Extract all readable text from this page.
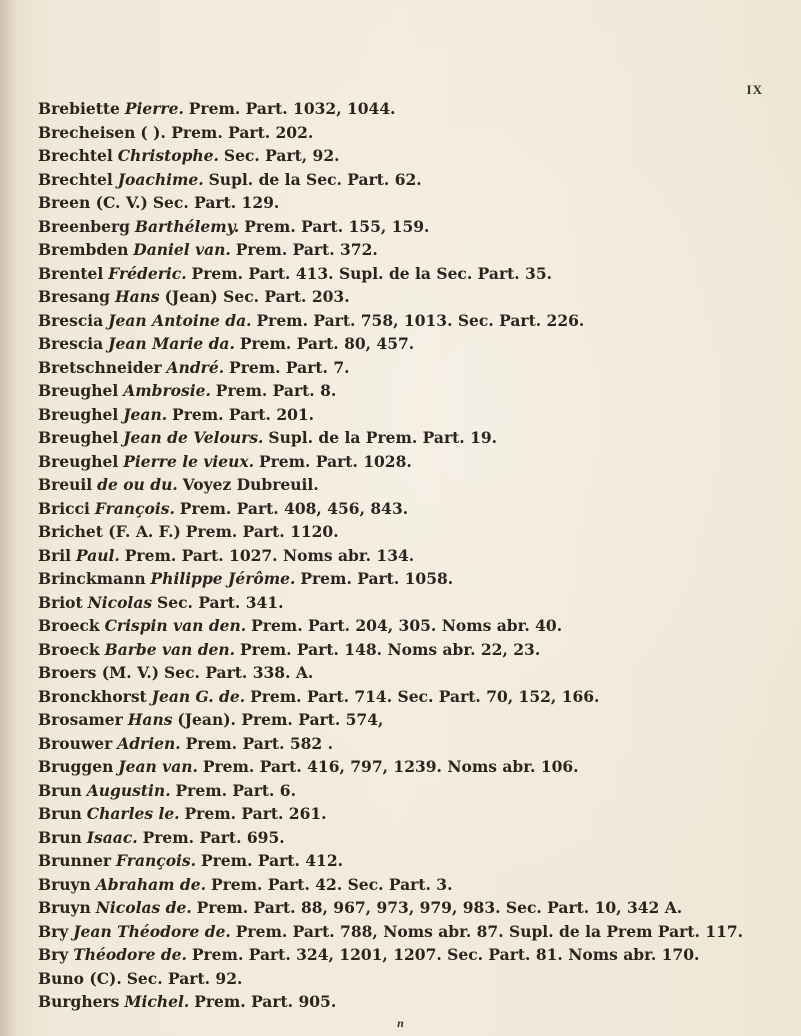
IX
Brebiette Pierre. Prem. Part. 1032, 1044.
Brecheisen ( ). Prem. Part. 202.
Brechtel Christophe. Sec. Part, 92.
Brechtel Joachime. Supl. de la Sec. Part. 62.
Breen (C. V.) Sec. Part. 129.
Breenberg Barthélemy. Prem. Part. 155, 159.
Brembden Daniel van. Prem. Part. 372.
Brentel Fréderic. Prem. Part. 413. Supl. de la Sec. Part. 35.
Bresang Hans (Jean) Sec. Part. 203.
Brescia Jean Antoine da. Prem. Part. 758, 1013. Sec. Part. 226.
Brescia Jean Marie da. Prem. Part. 80, 457.
Bretschneider André. Prem. Part. 7.
Breughel Ambrosie. Prem. Part. 8.
Breughel Jean. Prem. Part. 201.
Breughel Jean de Velours. Supl. de la Prem. Part. 19.
Breughel Pierre le vieux. Prem. Part. 1028.
Breuil de ou du. Voyez Dubreuil.
Bricci François. Prem. Part. 408, 456, 843.
Brichet (F. A. F.) Prem. Part. 1120.
Bril Paul. Prem. Part. 1027. Noms abr. 134.
Brinckmann Philippe Jérôme. Prem. Part. 1058.
Briot Nicolas Sec. Part. 341.
Broeck Crispin van den. Prem. Part. 204, 305. Noms abr. 40.
Broeck Barbe van den. Prem. Part. 148. Noms abr. 22, 23.
Broers (M. V.) Sec. Part. 338. A.
Bronckhorst Jean G. de. Prem. Part. 714. Sec. Part. 70, 152, 166.
Brosamer Hans (Jean). Prem. Part. 574,
Brouwer Adrien. Prem. Part. 582 .
Bruggen Jean van. Prem. Part. 416, 797, 1239. Noms abr. 106.
Brun Augustin. Prem. Part. 6.
Brun Charles le. Prem. Part. 261.
Brun Isaac. Prem. Part. 695.
Brunner François. Prem. Part. 412.
Bruyn Abraham de. Prem. Part. 42. Sec. Part. 3.
Bruyn Nicolas de. Prem. Part. 88, 967, 973, 979, 983. Sec. Part. 10, 342 A.
Bry Jean Théodore de. Prem. Part. 788, Noms abr. 87. Supl. de la Prem Part. 117.
Bry Théodore de. Prem. Part. 324, 1201, 1207. Sec. Part. 81. Noms abr. 170.
Buno (C). Sec. Part. 92.
Burghers Michel. Prem. Part. 905.
n
